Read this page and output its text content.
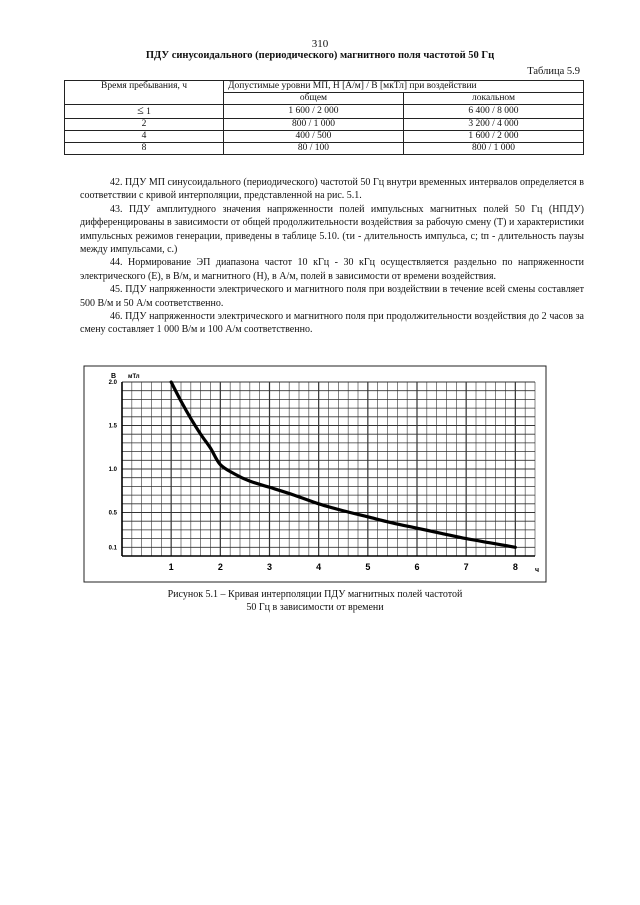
310
ПДУ синусоидального (периодического) магнитного поля частотой 50 Гц
Таблица 5.9
Время пребывания, ч	Допустимые уровни МП, Н [А/м] / В [мкТл] при воздействии	
	общем	локальном
≤ 1	1 600 / 2 000	6 400 / 8 000
2	800 / 1 000	3 200 / 4 000
4	400 / 500	1 600 / 2 000
8	80 / 100	800 / 1 000

42. ПДУ МП синусоидального (периодического) частотой 50 Гц внутри временных интервалов определяется в соответствии с кривой интерполяции, представленной на рис. 5.1.

43. ПДУ амплитудного значения напряженности полей импульсных магнитных полей 50 Гц (НПДУ) дифференцированы в зависимости от общей продолжительности воздействия за рабочую смену (Т) и характеристики импульсных режимов генерации, приведены в таблице 5.10. (τи - длительность импульса, с; tп - длительность паузы между импульсами, с.)

44. Нормирование ЭП диапазона частот 10 кГц - 30 кГц осуществляется раздельно по напряженности электрического (Е), в В/м, и магнитного (Н), в А/м, полей в зависимости от времени воздействия.

45. ПДУ напряженности электрического и магнитного поля при воздействии в течение всей смены составляет 500 В/м и 50 А/м соответственно.

46. ПДУ напряженности электрического и магнитного поля при продолжительности воздействия до 2 часов за смену составляет 1 000 В/м и 100 А/м соответственно.

В мТл
ч
1	2	3	4	5	6	7	8
2.0
1.5
1.0
0.5
0.1
Рисунок 5.1 – Кривая интерполяции ПДУ магнитных полей частотой
50 Гц в зависимости от времени
